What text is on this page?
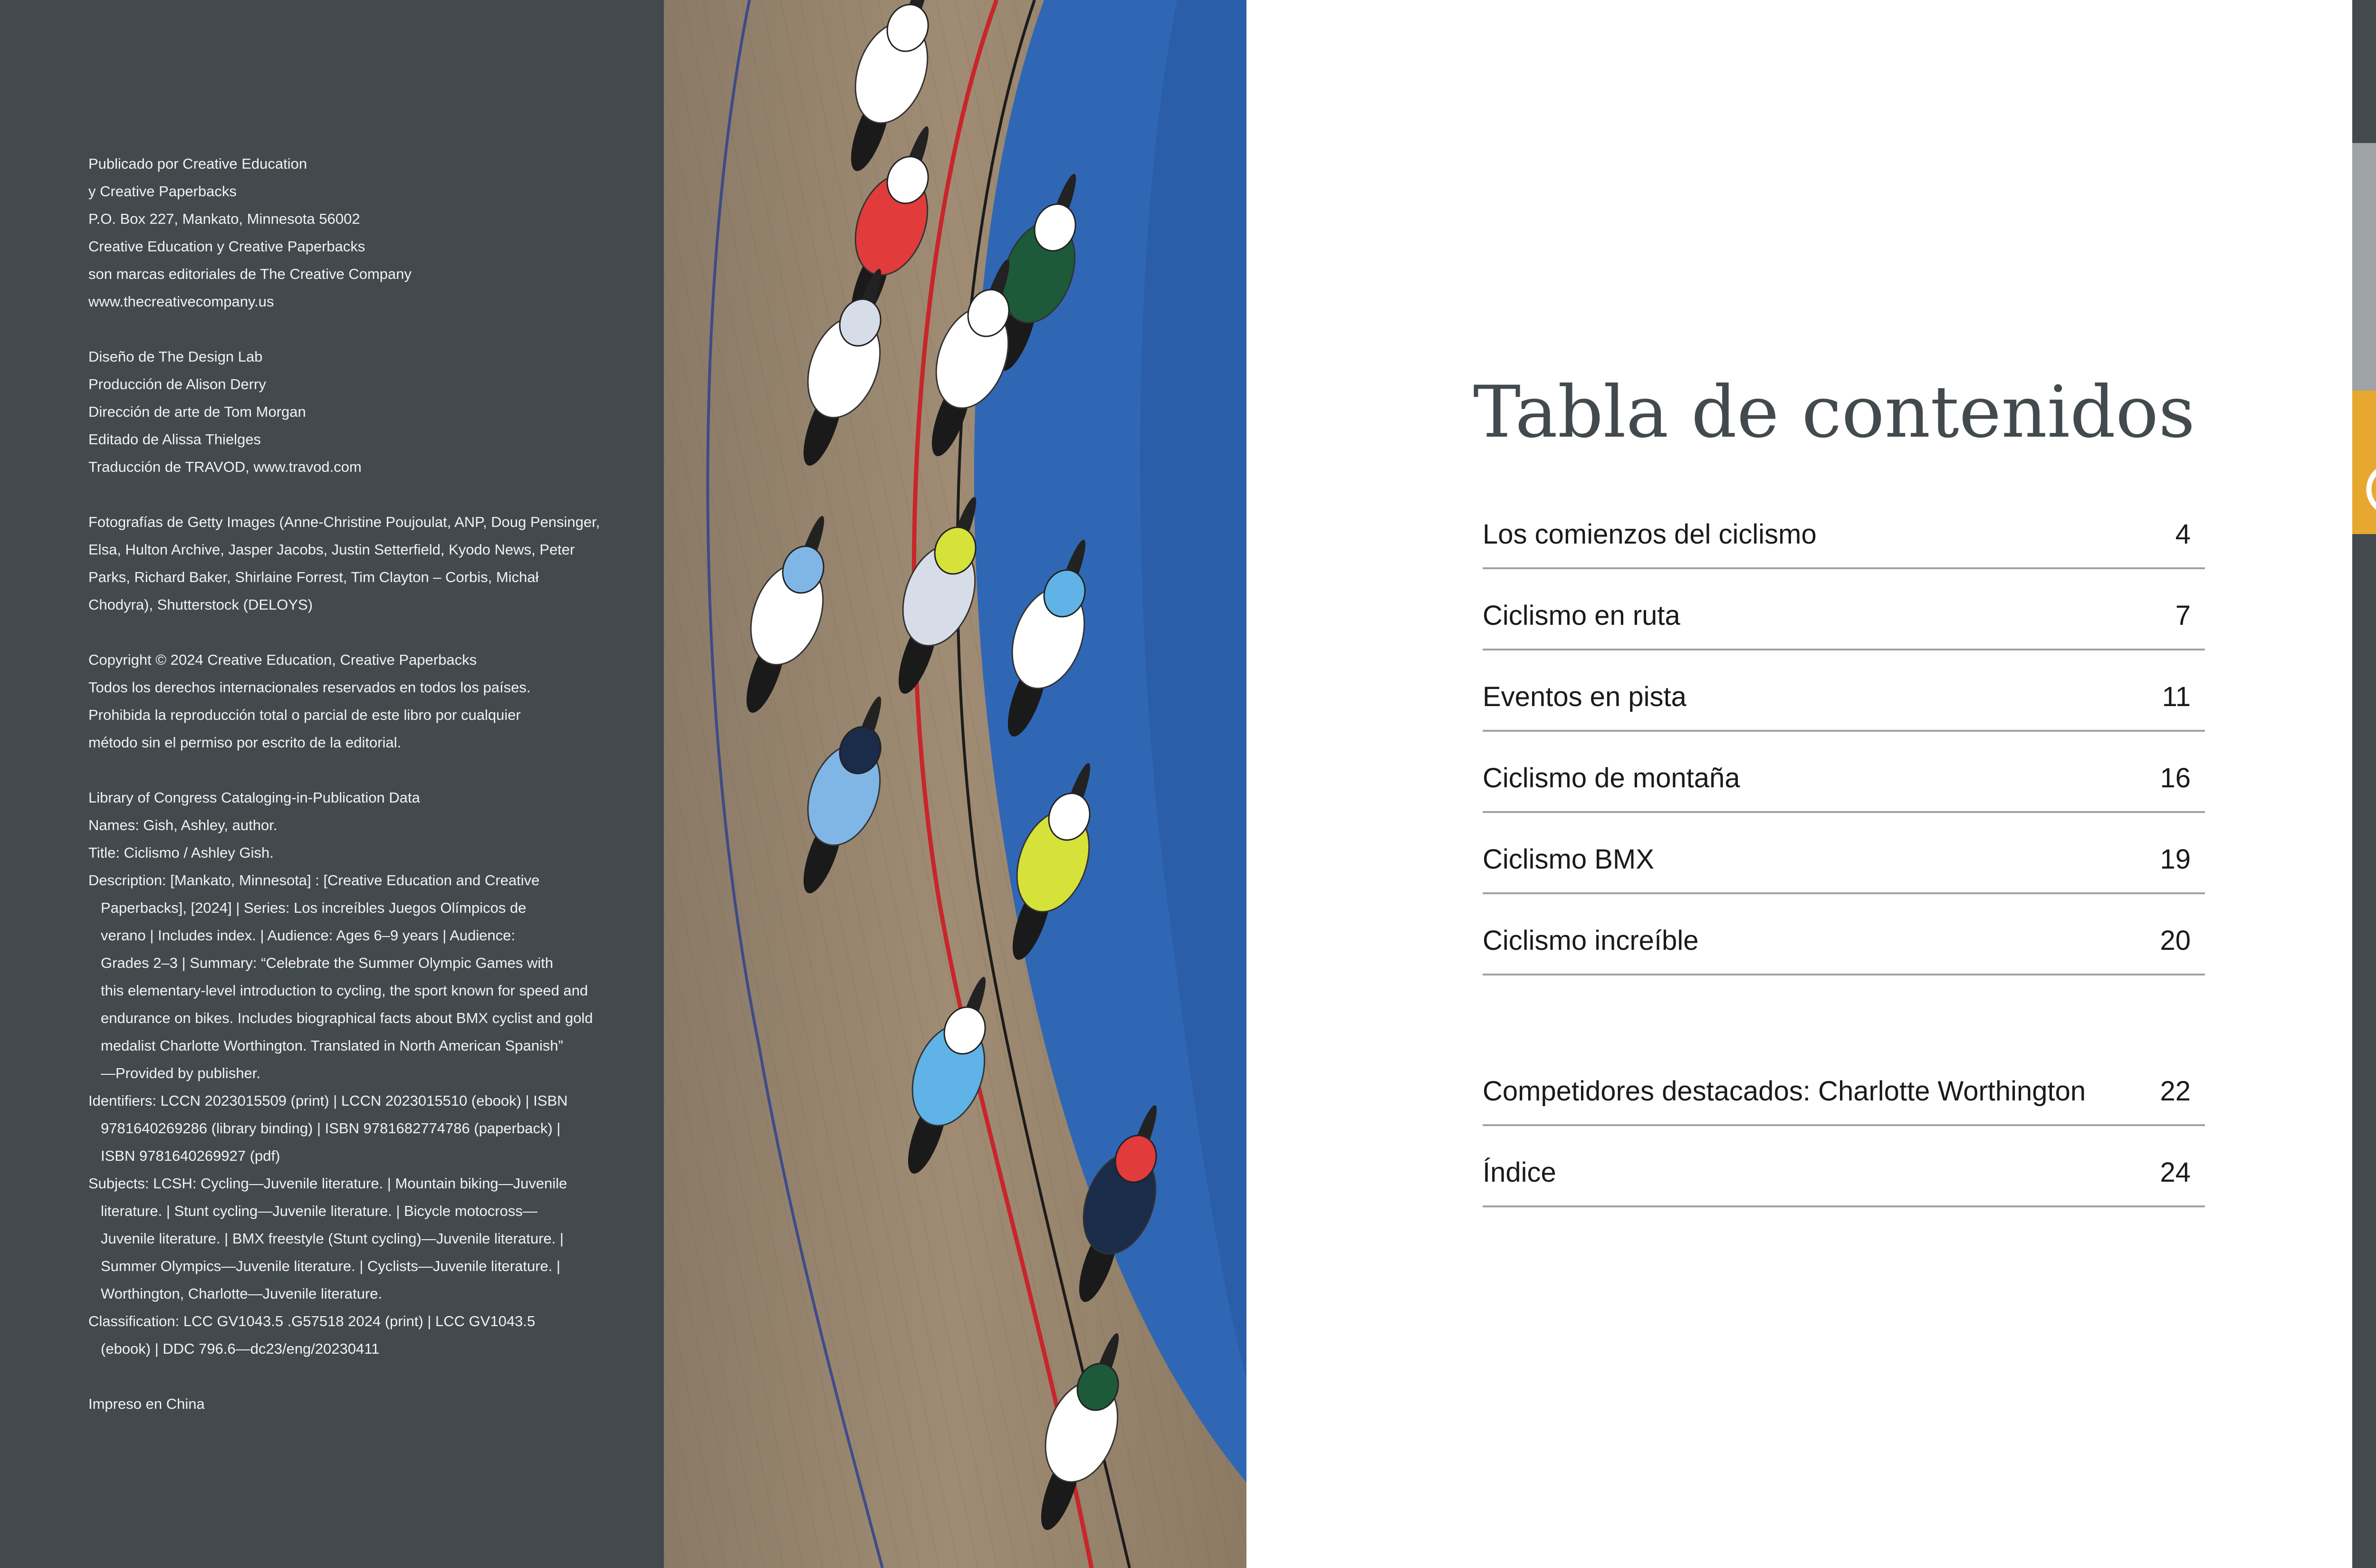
Publicado por Creative Education
y Creative Paperbacks
P.O. Box 227, Mankato, Minnesota 56002
Creative Education y Creative Paperbacks
son marcas editoriales de The Creative Company
www.thecreativecompany.us
Diseño de The Design Lab
Producción de Alison Derry
Dirección de arte de Tom Morgan
Editado de Alissa Thielges
Traducción de TRAVOD, www.travod.com
Fotografías de Getty Images (Anne-Christine Poujoulat, ANP, Doug Pensinger,
Elsa, Hulton Archive, Jasper Jacobs, Justin Setterfield, Kyodo News, Peter
Parks, Richard Baker, Shirlaine Forrest, Tim Clayton – Corbis, Michał
Chodyra), Shutterstock (DELOYS)
Copyright © 2024 Creative Education, Creative Paperbacks
Todos los derechos internacionales reservados en todos los países.
Prohibida la reproducción total o parcial de este libro por cualquier
método sin el permiso por escrito de la editorial.
Library of Congress Cataloging-in-Publication Data
Names: Gish, Ashley, author.
Title: Ciclismo / Ashley Gish.
Description: [Mankato, Minnesota] : [Creative Education and Creative
Paperbacks], [2024] | Series: Los increíbles Juegos Olímpicos de
verano | Includes index. | Audience: Ages 6–9 years | Audience:
Grades 2–3 | Summary: “Celebrate the Summer Olympic Games with
this elementary-level introduction to cycling, the sport known for speed and
endurance on bikes. Includes biographical facts about BMX cyclist and gold
medalist Charlotte Worthington. Translated in North American Spanish”
—Provided by publisher.
Identifiers: LCCN 2023015509 (print) | LCCN 2023015510 (ebook) | ISBN
9781640269286 (library binding) | ISBN 9781682774786 (paperback) |
ISBN 9781640269927 (pdf)
Subjects: LCSH: Cycling—Juvenile literature. | Mountain biking—Juvenile
literature. | Stunt cycling—Juvenile literature. | Bicycle motocross—
Juvenile literature. | BMX freestyle (Stunt cycling)—Juvenile literature. |
Summer Olympics—Juvenile literature. | Cyclists—Juvenile literature. |
Worthington, Charlotte—Juvenile literature.
Classification: LCC GV1043.5 .G57518 2024 (print) | LCC GV1043.5
(ebook) | DDC 796.6—dc23/eng/20230411
Impreso en China
Tabla de contenidos
Los comienzos del ciclismo	4
Ciclismo en ruta	7
Eventos en pista	11
Ciclismo de montaña	16
Ciclismo BMX	19
Ciclismo increíble	20
Competidores destacados: Charlotte Worthington	22
Índice	24
